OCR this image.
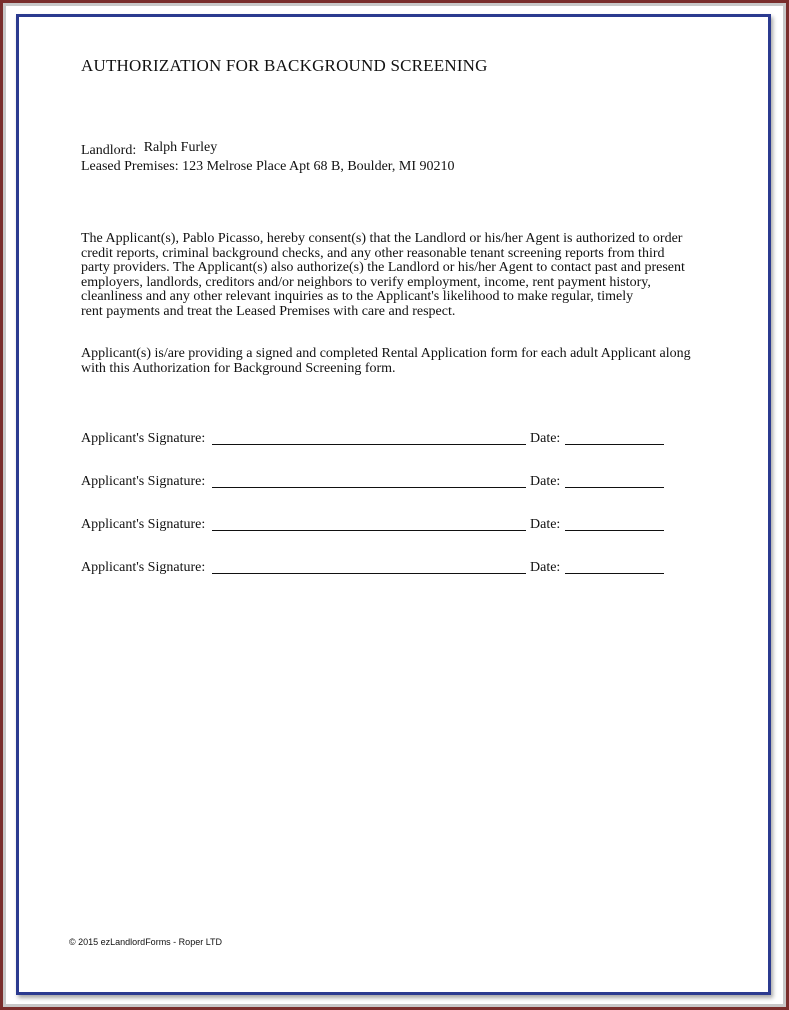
AUTHORIZATION FOR BACKGROUND SCREENING
Landlord: Ralph Furley
Leased Premises: 123 Melrose Place Apt 68 B, Boulder, MI 90210
The Applicant(s), Pablo Picasso, hereby consent(s) that the Landlord or his/her Agent is authorized to order
credit reports, criminal background checks, and any other reasonable tenant screening reports from third
party providers. The Applicant(s) also authorize(s) the Landlord or his/her Agent to contact past and present
employers, landlords, creditors and/or neighbors to verify employment, income, rent payment history,
cleanliness and any other relevant inquiries as to the Applicant's likelihood to make regular, timely
rent payments and treat the Leased Premises with care and respect.
Applicant(s) is/are providing a signed and completed Rental Application form for each adult Applicant along
with this Authorization for Background Screening form.
Applicant's Signature:	Date:
Applicant's Signature:	Date:
Applicant's Signature:	Date:
Applicant's Signature:	Date:
© 2015 ezLandlordForms - Roper LTD
